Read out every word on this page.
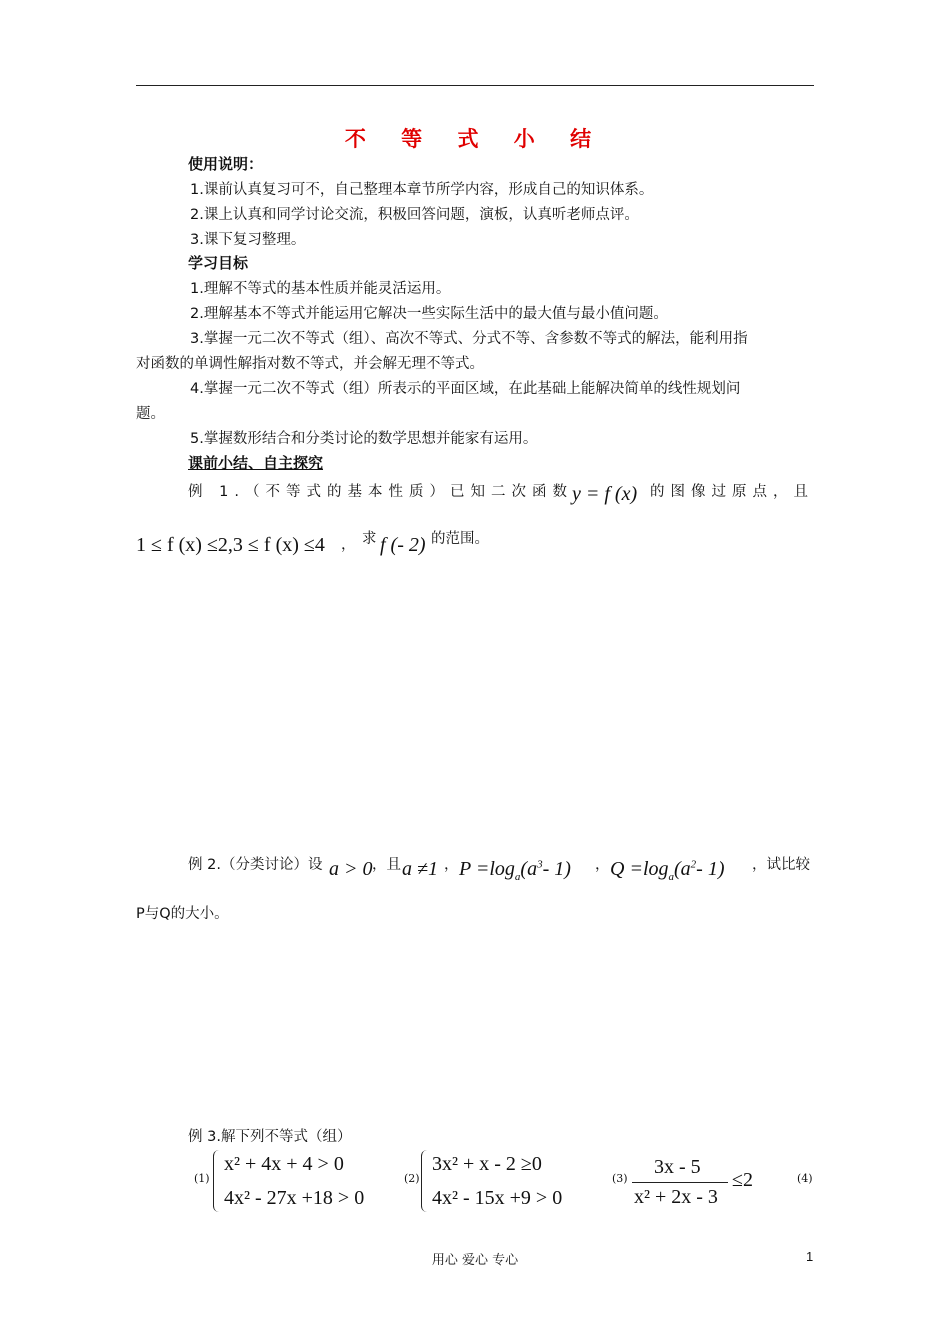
不 等 式 小 结
使用说明：
1.课前认真复习可不，自己整理本章节所学内容，形成自己的知识体系。
2.课上认真和同学讨论交流，积极回答问题，演板，认真听老师点评。
3.课下复习整理。
学习目标
1.理解不等式的基本性质并能灵活运用。
2.理解基本不等式并能运用它解决一些实际生活中的最大值与最小值问题。
3.掌握一元二次不等式（组）、高次不等式、分式不等、含参数不等式的解法，能利用指
对函数的单调性解指对数不等式，并会解无理不等式。
4.掌握一元二次不等式（组）所表示的平面区域，在此基础上能解决简单的线性规划问
题。
5.掌握数形结合和分类讨论的数学思想并能家有运用。
课前小结、自主探究
例 1.（不等式的基本性质）已知二次函数 y = f (x) 的图像过原点，且
1 ≤ f (x) ≤2,3 ≤ f (x) ≤4 ， 求 f (- 2) 的范围。
例 2.（分类讨论）设 a > 0 ，且 a ≠1 ， $P =\log_a(a^3-$ 1) ， $Q =\log_a(a^2-$ 1) ，试比较
P与Q的大小。
例 3.解下列不等式（组）
(1)
x² + 4x + 4 > 0
4x² - 27x +18 > 0
(2)
3x² + x - 2 ≥0
4x² - 15x +9 > 0
(3)
3x - 5
x² + 2x - 3
≤2	(4)
用心 爱心 专心	1
